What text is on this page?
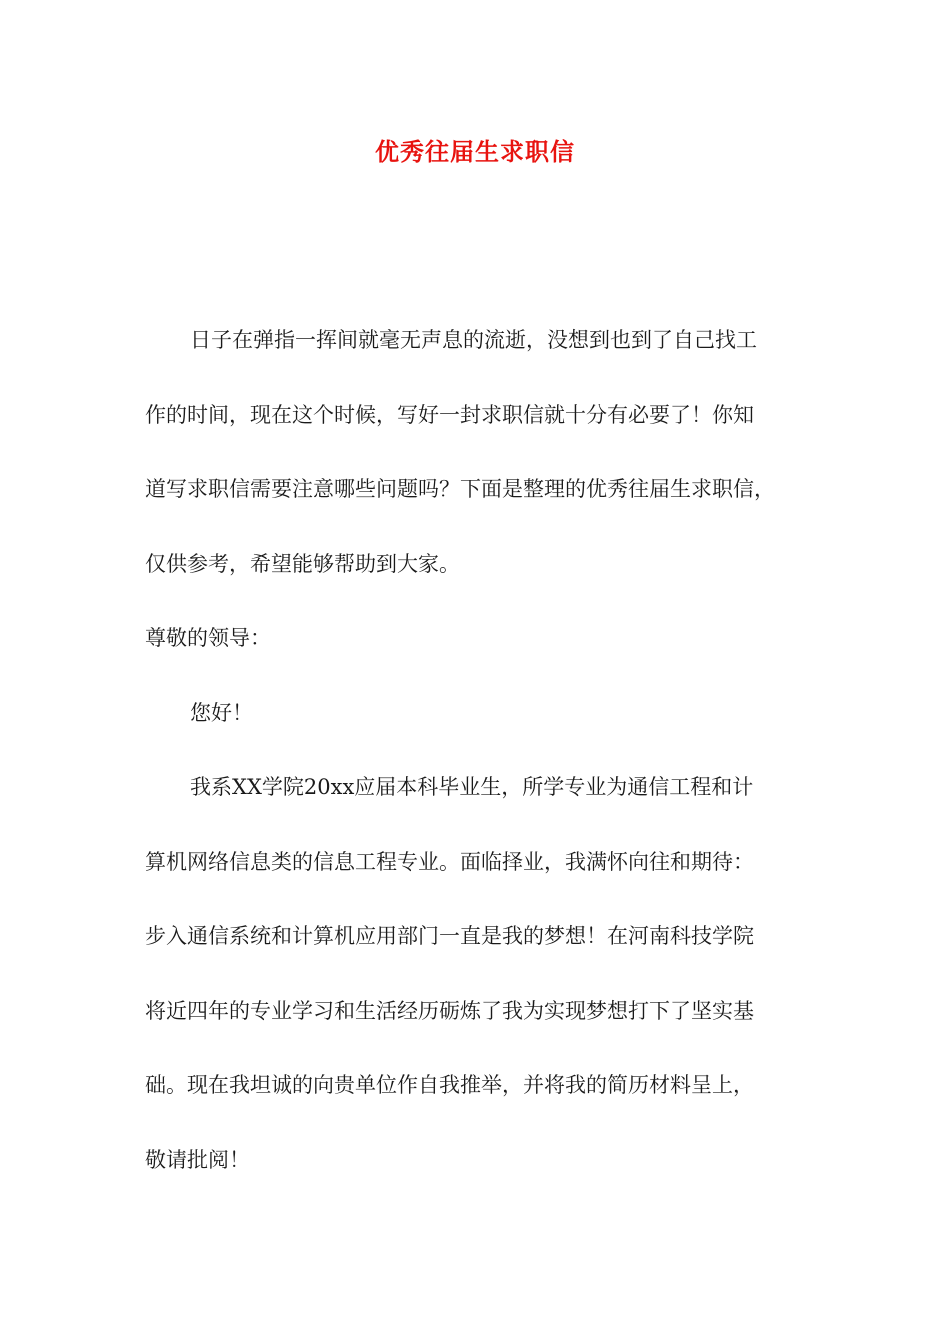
优秀往届生求职信
日子在弹指一挥间就毫无声息的流逝，没想到也到了自己找工
作的时间，现在这个时候，写好一封求职信就十分有必要了！你知
道写求职信需要注意哪些问题吗？下面是整理的优秀往届生求职信，
仅供参考，希望能够帮助到大家。
尊敬的领导：
您好！
我系XX学院20xx应届本科毕业生，所学专业为通信工程和计
算机网络信息类的信息工程专业。面临择业，我满怀向往和期待：
步入通信系统和计算机应用部门一直是我的梦想！在河南科技学院
将近四年的专业学习和生活经历砺炼了我为实现梦想打下了坚实基
础。现在我坦诚的向贵单位作自我推举，并将我的简历材料呈上，
敬请批阅！
